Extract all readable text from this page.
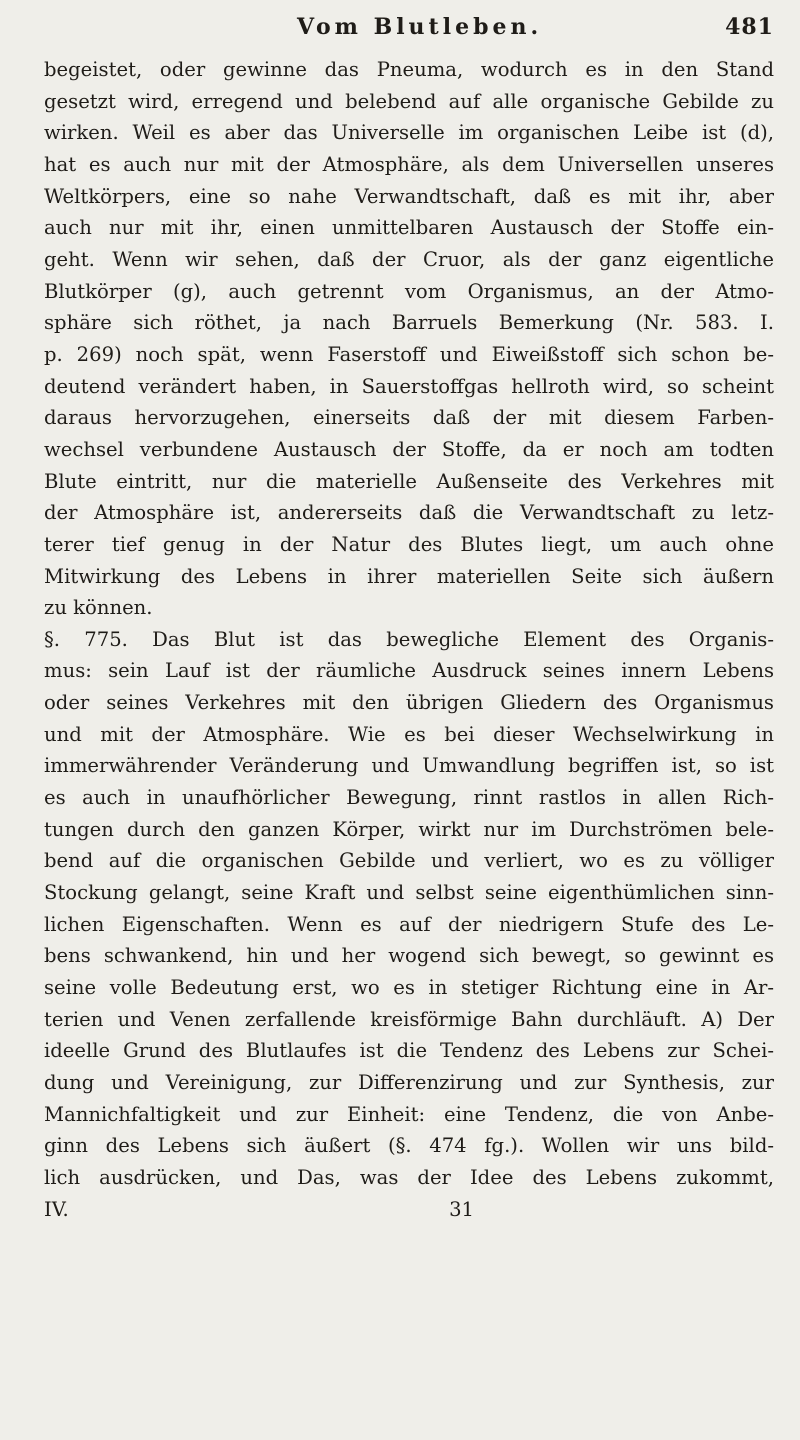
Vom Blutleben.	481
begeistet, oder gewinne das Pneuma, wodurch es in den Stand
gesetzt wird, erregend und belebend auf alle organische Gebilde zu
wirken. Weil es aber das Universelle im organischen Leibe ist (d),
hat es auch nur mit der Atmosphäre, als dem Universellen unseres
Weltkörpers, eine so nahe Verwandtschaft, daß es mit ihr, aber
auch nur mit ihr, einen unmittelbaren Austausch der Stoffe ein-
geht. Wenn wir sehen, daß der Cruor, als der ganz eigentliche
Blutkörper (g), auch getrennt vom Organismus, an der Atmo-
sphäre sich röthet, ja nach Barruels Bemerkung (Nr. 583. I.
p. 269) noch spät, wenn Faserstoff und Eiweißstoff sich schon be-
deutend verändert haben, in Sauerstoffgas hellroth wird, so scheint
daraus hervorzugehen, einerseits daß der mit diesem Farben-
wechsel verbundene Austausch der Stoffe, da er noch am todten
Blute eintritt, nur die materielle Außenseite des Verkehres mit
der Atmosphäre ist, andererseits daß die Verwandtschaft zu letz-
terer tief genug in der Natur des Blutes liegt, um auch ohne
Mitwirkung des Lebens in ihrer materiellen Seite sich äußern
zu können.
§. 775. Das Blut ist das bewegliche Element des Organis-
mus: sein Lauf ist der räumliche Ausdruck seines innern Lebens
oder seines Verkehres mit den übrigen Gliedern des Organismus
und mit der Atmosphäre. Wie es bei dieser Wechselwirkung in
immerwährender Veränderung und Umwandlung begriffen ist, so ist
es auch in unaufhörlicher Bewegung, rinnt rastlos in allen Rich-
tungen durch den ganzen Körper, wirkt nur im Durchströmen bele-
bend auf die organischen Gebilde und verliert, wo es zu völliger
Stockung gelangt, seine Kraft und selbst seine eigenthümlichen sinn-
lichen Eigenschaften. Wenn es auf der niedrigern Stufe des Le-
bens schwankend, hin und her wogend sich bewegt, so gewinnt es
seine volle Bedeutung erst, wo es in stetiger Richtung eine in Ar-
terien und Venen zerfallende kreisförmige Bahn durchläuft. A) Der
ideelle Grund des Blutlaufes ist die Tendenz des Lebens zur Schei-
dung und Vereinigung, zur Differenzirung und zur Synthesis, zur
Mannichfaltigkeit und zur Einheit: eine Tendenz, die von Anbe-
ginn des Lebens sich äußert (§. 474 fg.). Wollen wir uns bild-
lich ausdrücken, und Das, was der Idee des Lebens zukommt,
IV.	31
